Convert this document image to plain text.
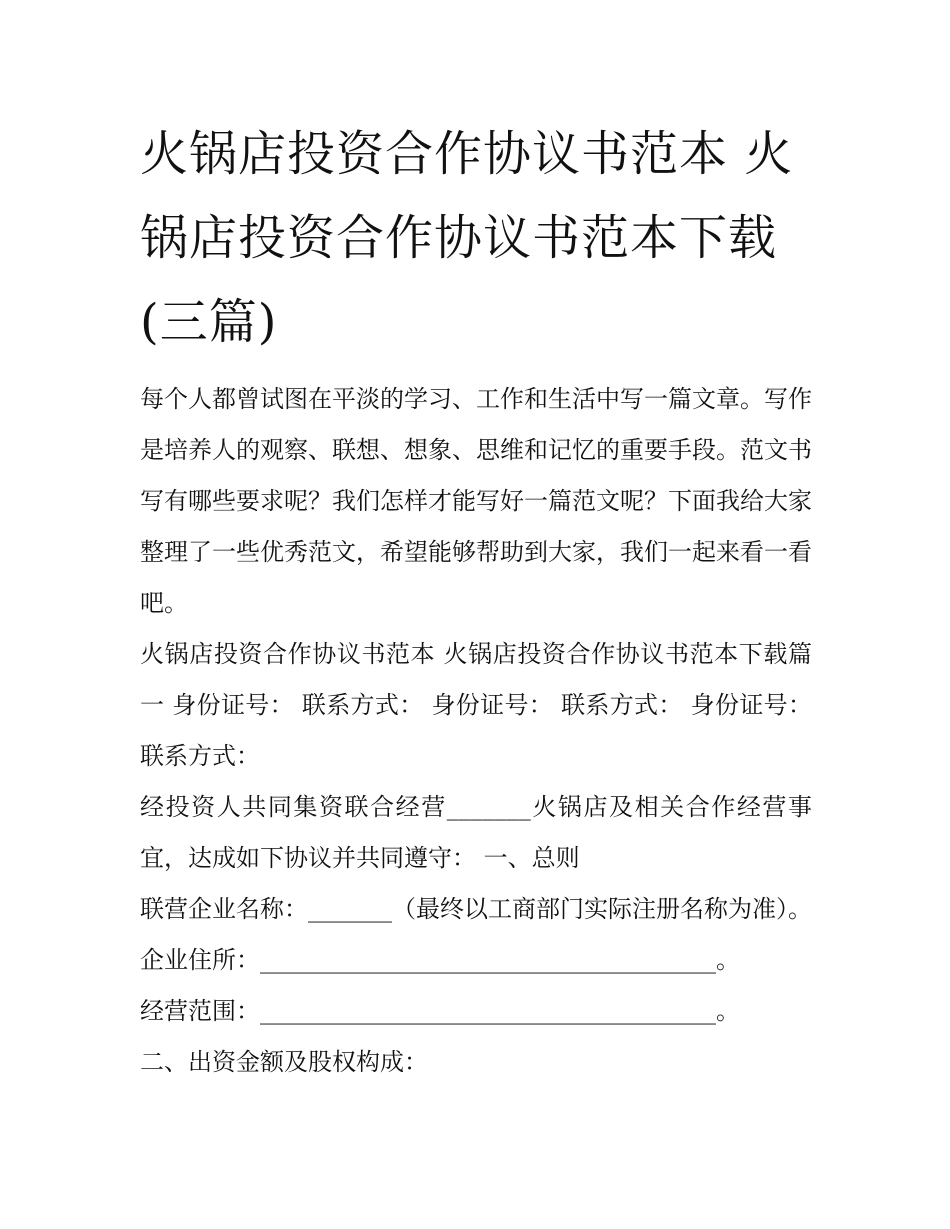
火锅店投资合作协议书范本 火锅店投资合作协议书范本下载(三篇)

每个人都曾试图在平淡的学习、工作和生活中写一篇文章。写作是培养人的观察、联想、想象、思维和记忆的重要手段。范文书写有哪些要求呢？我们怎样才能写好一篇范文呢？下面我给大家整理了一些优秀范文，希望能够帮助到大家，我们一起来看一看吧。

火锅店投资合作协议书范本 火锅店投资合作协议书范本下载篇一 身份证号： 联系方式： 身份证号： 联系方式： 身份证号： 联系方式：

经投资人共同集资联合经营_______火锅店及相关合作经营事宜，达成如下协议并共同遵守： 一、总则

联营企业名称：_______（最终以工商部门实际注册名称为准）。

企业住所：______________________________________。

经营范围：______________________________________。

二、出资金额及股权构成：
